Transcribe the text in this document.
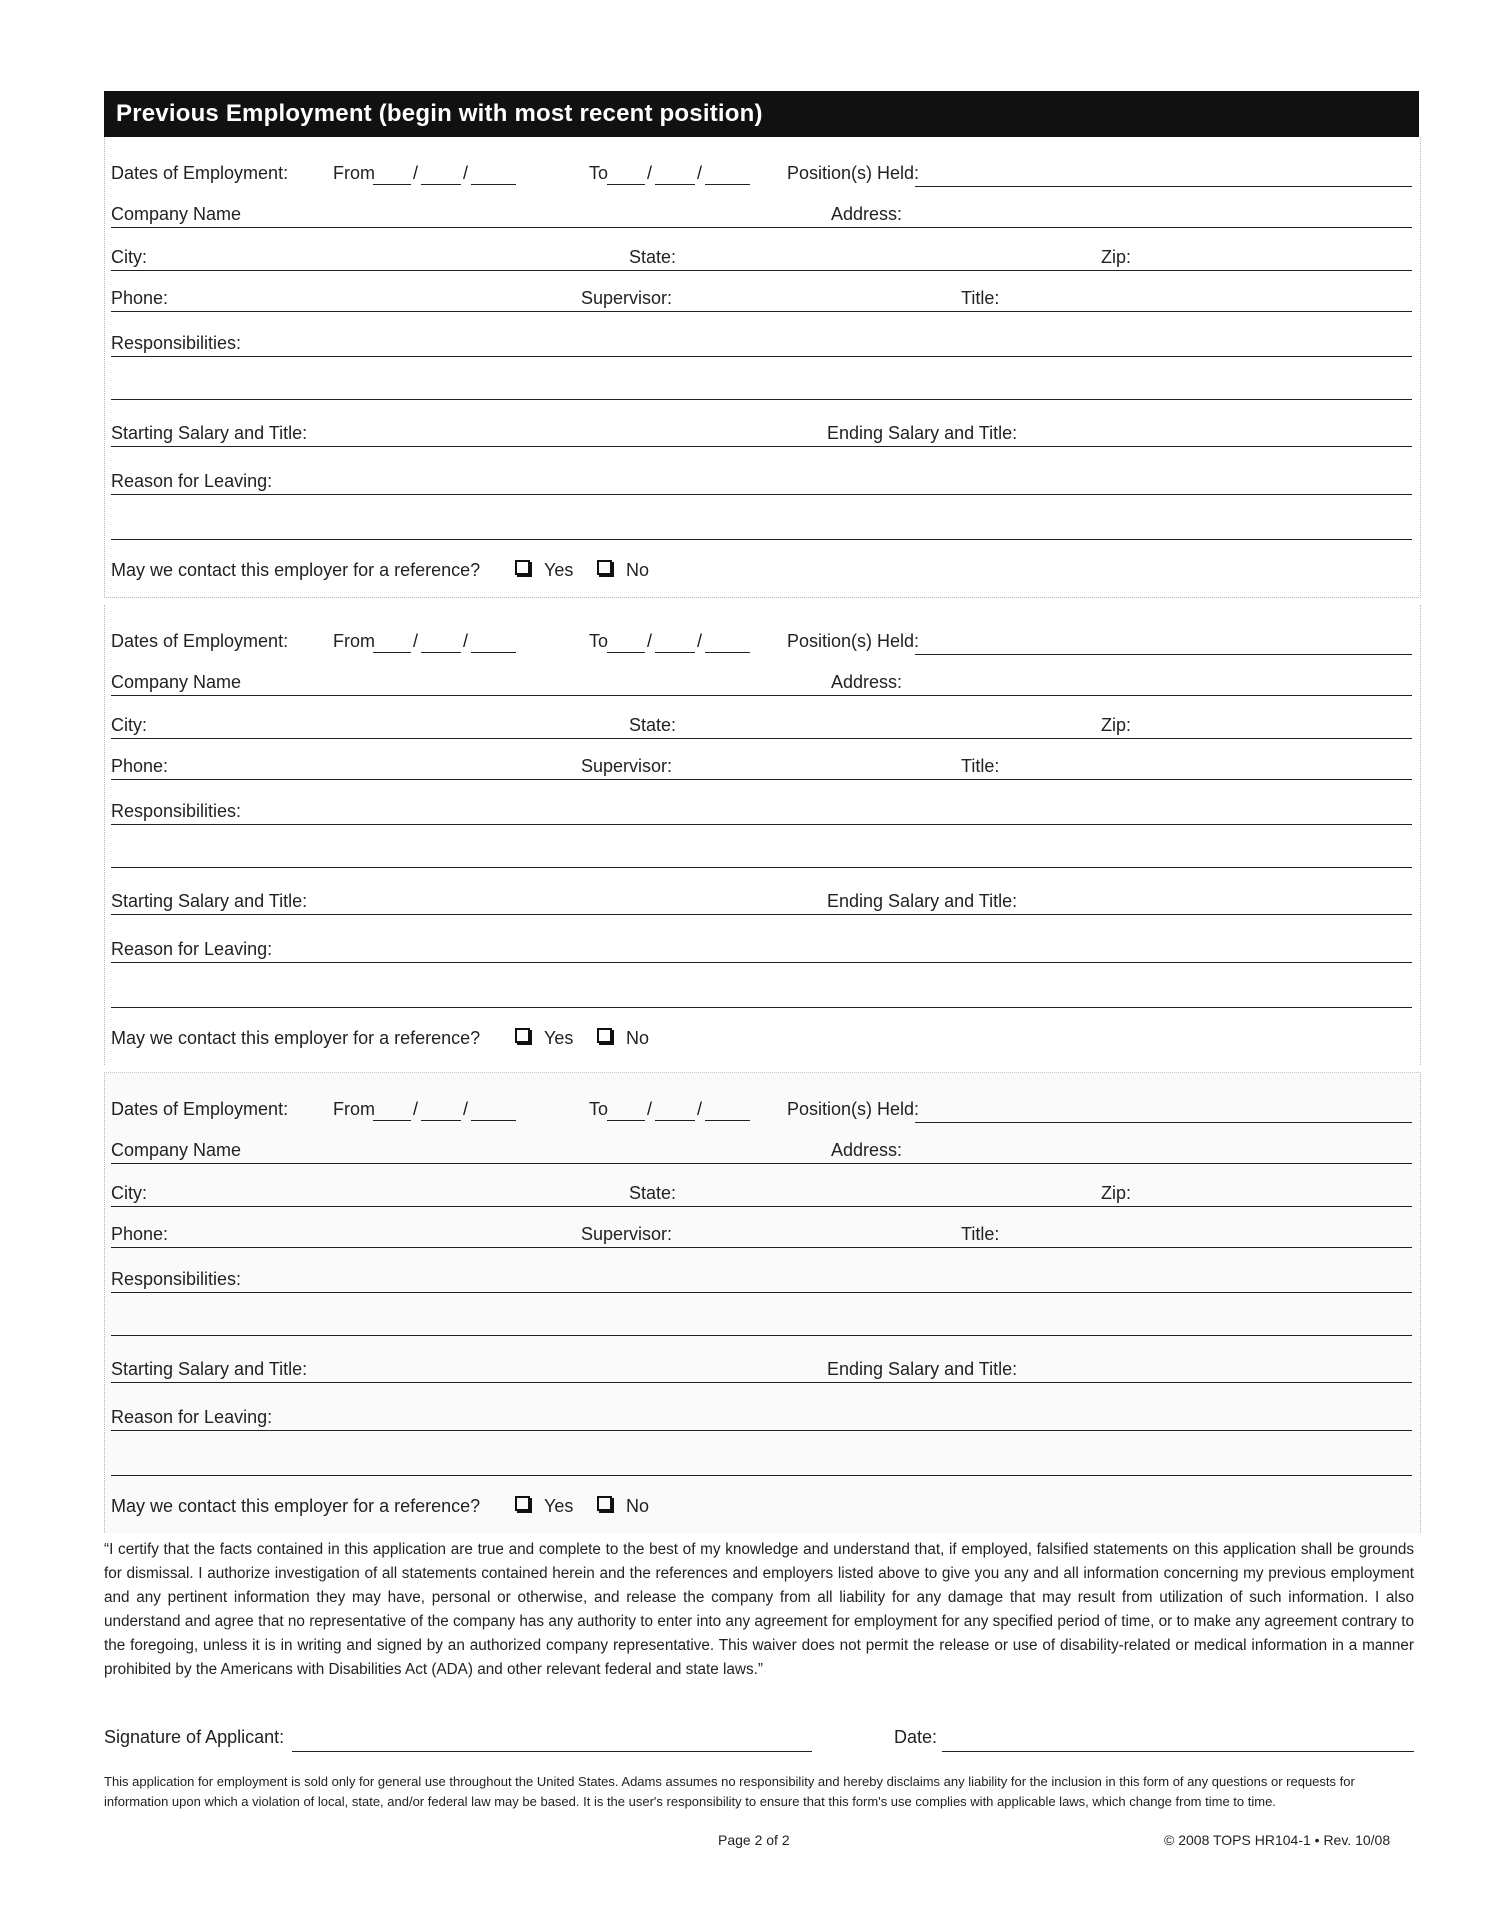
Previous Employment (begin with most recent position)
Dates of Employment: From / /	To / /	Position(s) Held:
Company Name	Address:
City:	State:	Zip:
Phone:	Supervisor:	Title:
Responsibilities:
Starting Salary and Title:	Ending Salary and Title:
Reason for Leaving:
May we contact this employer for a reference?	Yes	No
Dates of Employment: From / /	To / /	Position(s) Held:
Company Name	Address:
City:	State:	Zip:
Phone:	Supervisor:	Title:
Responsibilities:
Starting Salary and Title:	Ending Salary and Title:
Reason for Leaving:
May we contact this employer for a reference?	Yes	No
Dates of Employment: From / /	To / /	Position(s) Held:
Company Name	Address:
City:	State:	Zip:
Phone:	Supervisor:	Title:
Responsibilities:
Starting Salary and Title:	Ending Salary and Title:
Reason for Leaving:
May we contact this employer for a reference?	Yes	No
“I certify that the facts contained in this application are true and complete to the best of my knowledge and understand that, if employed, falsified statements on this application shall be grounds for dismissal. I authorize investigation of all statements contained herein and the references and employers listed above to give you any and all information concerning my previous employment and any pertinent information they may have, personal or otherwise, and release the company from all liability for any damage that may result from utilization of such information. I also understand and agree that no representative of the company has any authority to enter into any agreement for employment for any specified period of time, or to make any agreement contrary to the foregoing, unless it is in writing and signed by an authorized company representative. This waiver does not permit the release or use of disability-related or medical information in a manner prohibited by the Americans with Disabilities Act (ADA) and other relevant federal and state laws.”
Signature of Applicant:	Date:
This application for employment is sold only for general use throughout the United States. Adams assumes no responsibility and hereby disclaims any liability for the inclusion in this form of any questions or requests for information upon which a violation of local, state, and/or federal law may be based. It is the user's responsibility to ensure that this form's use complies with applicable laws, which change from time to time.
Page 2 of 2	© 2008 TOPS HR104-1 • Rev. 10/08
